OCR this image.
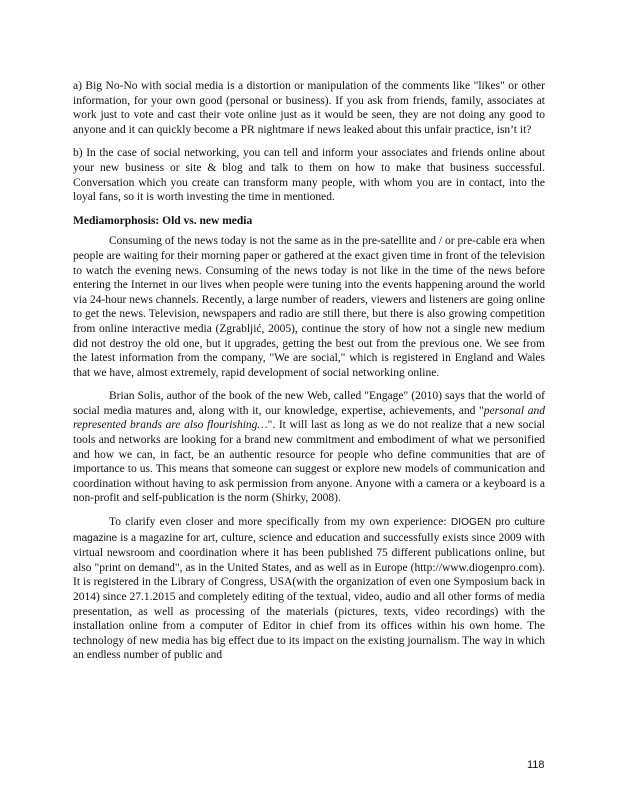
a) Big No-No with social media is a distortion or manipulation of the comments like "likes" or other information, for your own good (personal or business). If you ask from friends, family, associates at work just to vote and cast their vote online just as it would be seen, they are not doing any good to anyone and it can quickly become a PR nightmare if news leaked about this unfair practice, isn’t it?

b) In the case of social networking, you can tell and inform your associates and friends online about your new business or site & blog and talk to them on how to make that business successful. Conversation which you create can transform many people, with whom you are in contact, into the loyal fans, so it is worth investing the time in mentioned.

Mediamorphosis: Old vs. new media

Consuming of the news today is not the same as in the pre-satellite and / or pre-cable era when people are waiting for their morning paper or gathered at the exact given time in front of the television to watch the evening news. Consuming of the news today is not like in the time of the news before entering the Internet in our lives when people were tuning into the events happening around the world via 24-hour news channels. Recently, a large number of readers, viewers and listeners are going online to get the news. Television, newspapers and radio are still there, but there is also growing competition from online interactive media (Zgrabljić, 2005), continue the story of how not a single new medium did not destroy the old one, but it upgrades, getting the best out from the previous one. We see from the latest information from the company, "We are social," which is registered in England and Wales that we have, almost extremely, rapid development of social networking online.

Brian Solis, author of the book of the new Web, called "Engage" (2010) says that the world of social media matures and, along with it, our knowledge, expertise, achievements, and "personal and represented brands are also flourishing…". It will last as long as we do not realize that a new social tools and networks are looking for a brand new commitment and embodiment of what we personified and how we can, in fact, be an authentic resource for people who define communities that are of importance to us. This means that someone can suggest or explore new models of communication and coordination without having to ask permission from anyone. Anyone with a camera or a keyboard is a non-profit and self-publication is the norm (Shirky, 2008).

To clarify even closer and more specifically from my own experience: DIOGEN pro culture magazine is a magazine for art, culture, science and education and successfully exists since 2009 with virtual newsroom and coordination where it has been published 75 different publications online, but also "print on demand", as in the United States, and as well as in Europe (http://www.diogenpro.com). It is registered in the Library of Congress, USA(with the organization of even one Symposium back in 2014) since 27.1.2015 and completely editing of the textual, video, audio and all other forms of media presentation, as well as processing of the materials (pictures, texts, video recordings) with the installation online from a computer of Editor in chief from its offices within his own home. The technology of new media has big effect due to its impact on the existing journalism. The way in which an endless number of public and

118
